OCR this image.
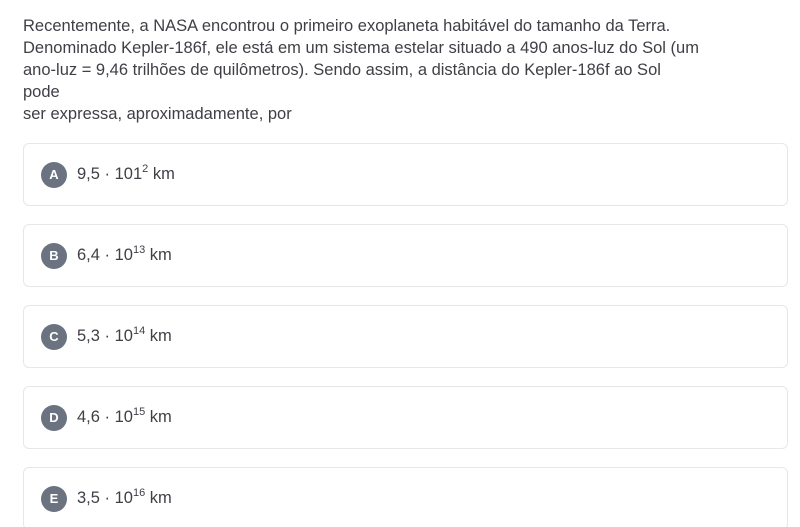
Recentemente, a NASA encontrou o primeiro exoplaneta habitável do tamanho da Terra.

Denominado Kepler-186f, ele está em um sistema estelar situado a 490 anos-luz do Sol (um

ano-luz = 9,46 trilhões de quilômetros). Sendo assim, a distância do Kepler-186f ao Sol

pode

ser expressa, aproximadamente, por

A	$9,5 \cdot 101^2$ km
B	$6,4 \cdot 10^{13}$ km
C	$5,3 \cdot 10^{14}$ km
D	$4,6 \cdot 10^{15}$ km
E	$3,5 \cdot 10^{16}$ km
